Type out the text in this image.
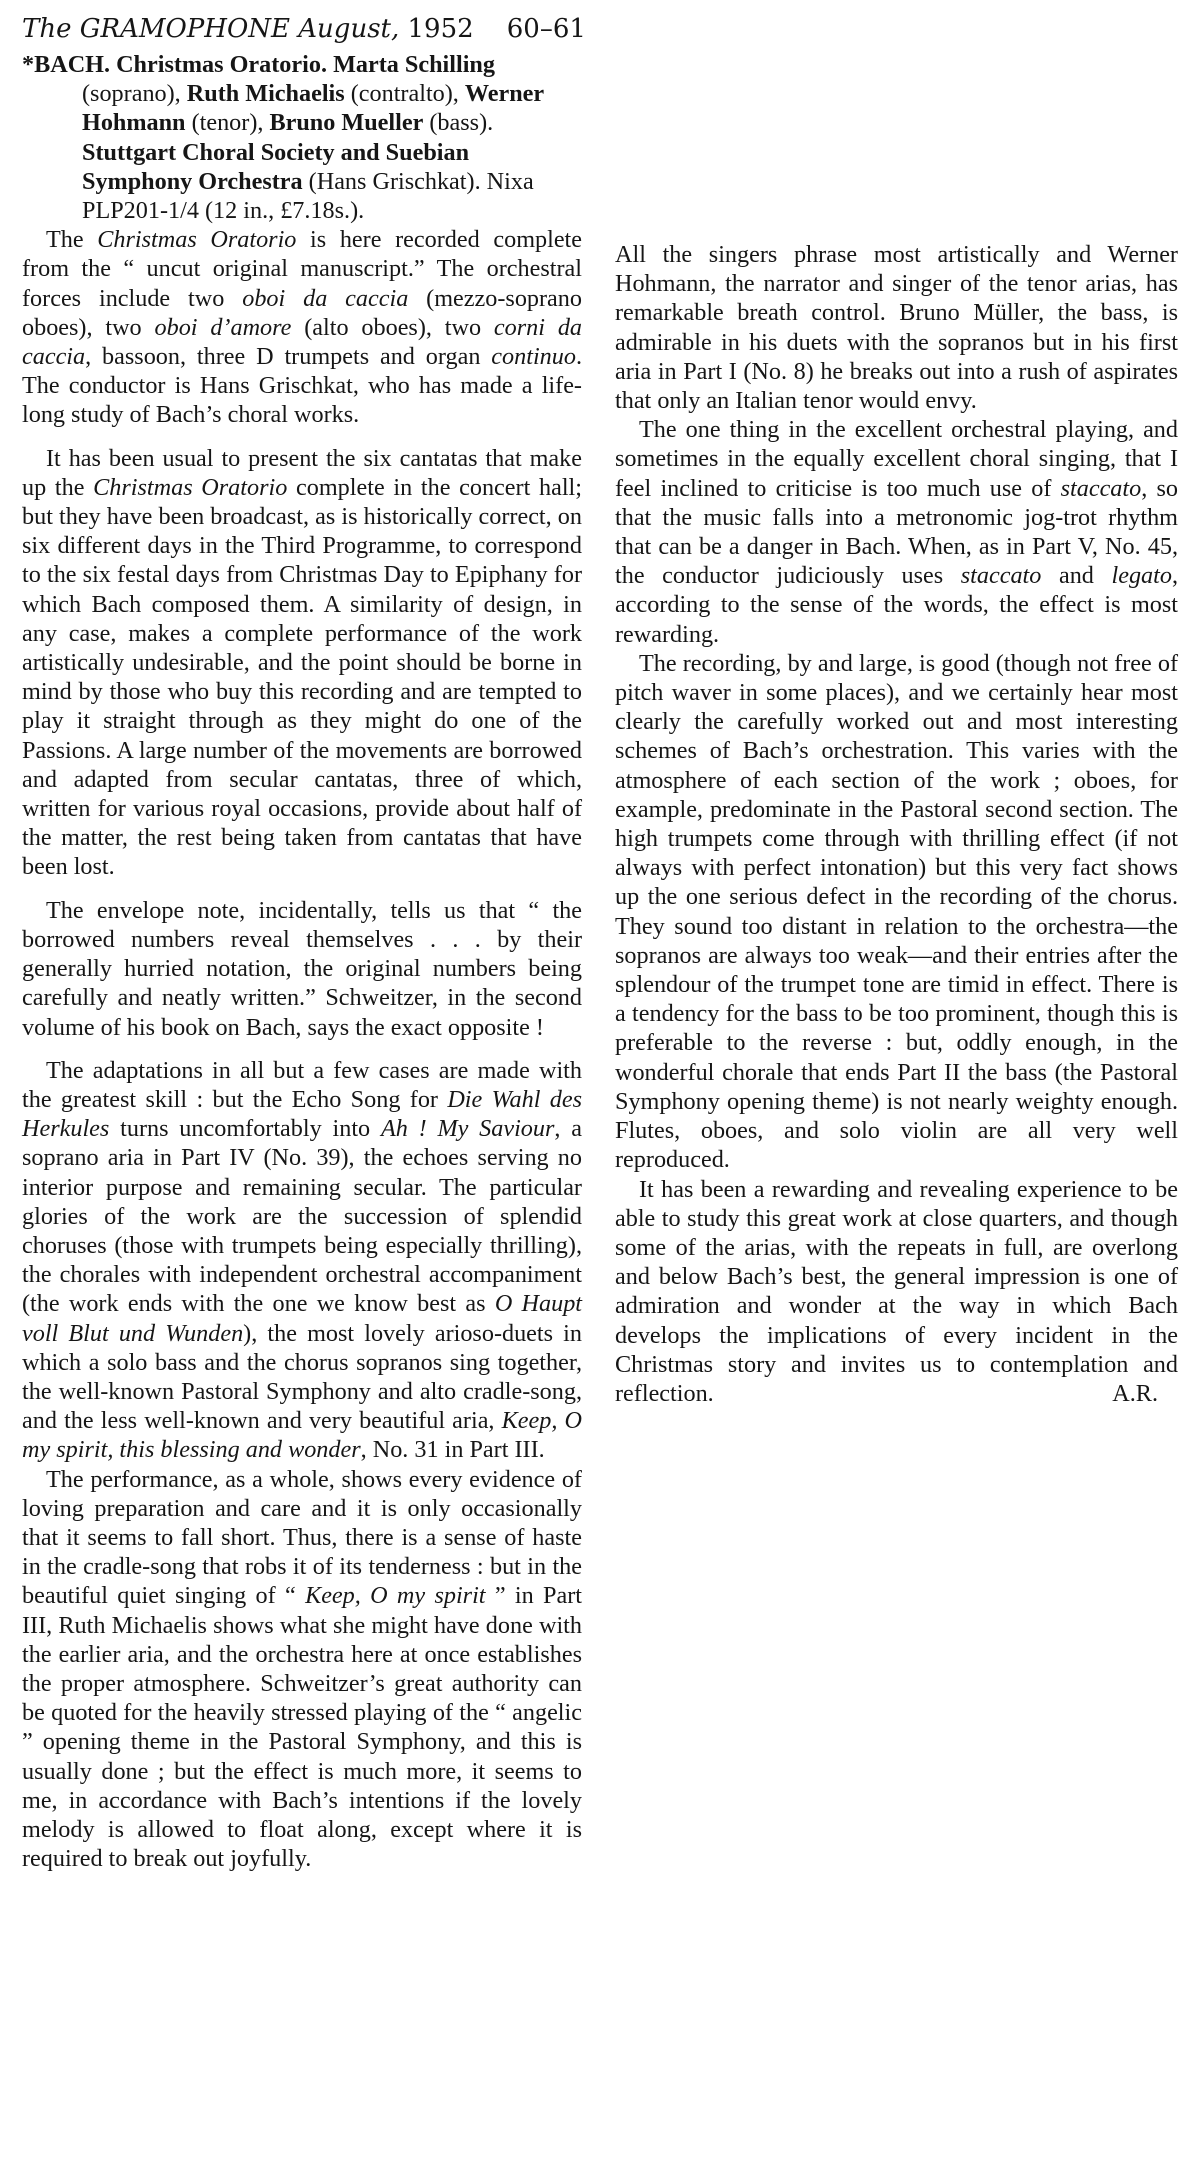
The GRAMOPHONE August, 1952 60–61

*BACH. Christmas Oratorio. Marta Schilling (soprano), Ruth Michaelis (contralto), Werner Hohmann (tenor), Bruno Mueller (bass). Stuttgart Choral Society and Suebian Symphony Orchestra (Hans Grischkat). Nixa PLP201-1/4 (12 in., £7.18s.).

The Christmas Oratorio is here recorded complete from the “ uncut original manuscript.” The orchestral forces include two oboi da caccia (mezzo-soprano oboes), two oboi d’amore (alto oboes), two corni da caccia, bassoon, three D trumpets and organ continuo. The conductor is Hans Grischkat, who has made a life-long study of Bach’s choral works.

It has been usual to present the six cantatas that make up the Christmas Oratorio complete in the concert hall; but they have been broadcast, as is historically correct, on six different days in the Third Programme, to correspond to the six festal days from Christmas Day to Epiphany for which Bach composed them. A similarity of design, in any case, makes a complete performance of the work artistically undesirable, and the point should be borne in mind by those who buy this recording and are tempted to play it straight through as they might do one of the Passions. A large number of the movements are borrowed and adapted from secular cantatas, three of which, written for various royal occasions, provide about half of the matter, the rest being taken from cantatas that have been lost.

The envelope note, incidentally, tells us that “ the borrowed numbers reveal themselves . . . by their generally hurried notation, the original numbers being carefully and neatly written.” Schweitzer, in the second volume of his book on Bach, says the exact opposite !

The adaptations in all but a few cases are made with the greatest skill : but the Echo Song for Die Wahl des Herkules turns uncomfortably into Ah ! My Saviour, a soprano aria in Part IV (No. 39), the echoes serving no interior purpose and remaining secular. The particular glories of the work are the succession of splendid choruses (those with trumpets being especially thrilling), the chorales with independent orchestral accompaniment (the work ends with the one we know best as O Haupt voll Blut und Wunden), the most lovely arioso-duets in which a solo bass and the chorus sopranos sing together, the well-known Pastoral Symphony and alto cradle-song, and the less well-known and very beautiful aria, Keep, O my spirit, this blessing and wonder, No. 31 in Part III.

The performance, as a whole, shows every evidence of loving preparation and care and it is only occasionally that it seems to fall short. Thus, there is a sense of haste in the cradle-song that robs it of its tenderness : but in the beautiful quiet singing of “ Keep, O my spirit ” in Part III, Ruth Michaelis shows what she might have done with the earlier aria, and the orchestra here at once establishes the proper atmosphere. Schweitzer’s great authority can be quoted for the heavily stressed playing of the “ angelic ” opening theme in the Pastoral Symphony, and this is usually done ; but the effect is much more, it seems to me, in accordance with Bach’s intentions if the lovely melody is allowed to float along, except where it is required to break out joyfully.

All the singers phrase most artistically and Werner Hohmann, the narrator and singer of the tenor arias, has remarkable breath control. Bruno Müller, the bass, is admirable in his duets with the sopranos but in his first aria in Part I (No. 8) he breaks out into a rush of aspirates that only an Italian tenor would envy.

The one thing in the excellent orchestral playing, and sometimes in the equally excellent choral singing, that I feel inclined to criticise is too much use of staccato, so that the music falls into a metronomic jog-trot rhythm that can be a danger in Bach. When, as in Part V, No. 45, the conductor judiciously uses staccato and legato, according to the sense of the words, the effect is most rewarding.

The recording, by and large, is good (though not free of pitch waver in some places), and we certainly hear most clearly the carefully worked out and most interesting schemes of Bach’s orchestration. This varies with the atmosphere of each section of the work ; oboes, for example, predominate in the Pastoral second section. The high trumpets come through with thrilling effect (if not always with perfect intonation) but this very fact shows up the one serious defect in the recording of the chorus. They sound too distant in relation to the orchestra—the sopranos are always too weak—and their entries after the splendour of the trumpet tone are timid in effect. There is a tendency for the bass to be too prominent, though this is preferable to the reverse : but, oddly enough, in the wonderful chorale that ends Part II the bass (the Pastoral Symphony opening theme) is not nearly weighty enough. Flutes, oboes, and solo violin are all very well reproduced.

It has been a rewarding and revealing experience to be able to study this great work at close quarters, and though some of the arias, with the repeats in full, are overlong and below Bach’s best, the general impression is one of admiration and wonder at the way in which Bach develops the implications of every incident in the Christmas story and invites us to contemplation and reflection.	A.R.
